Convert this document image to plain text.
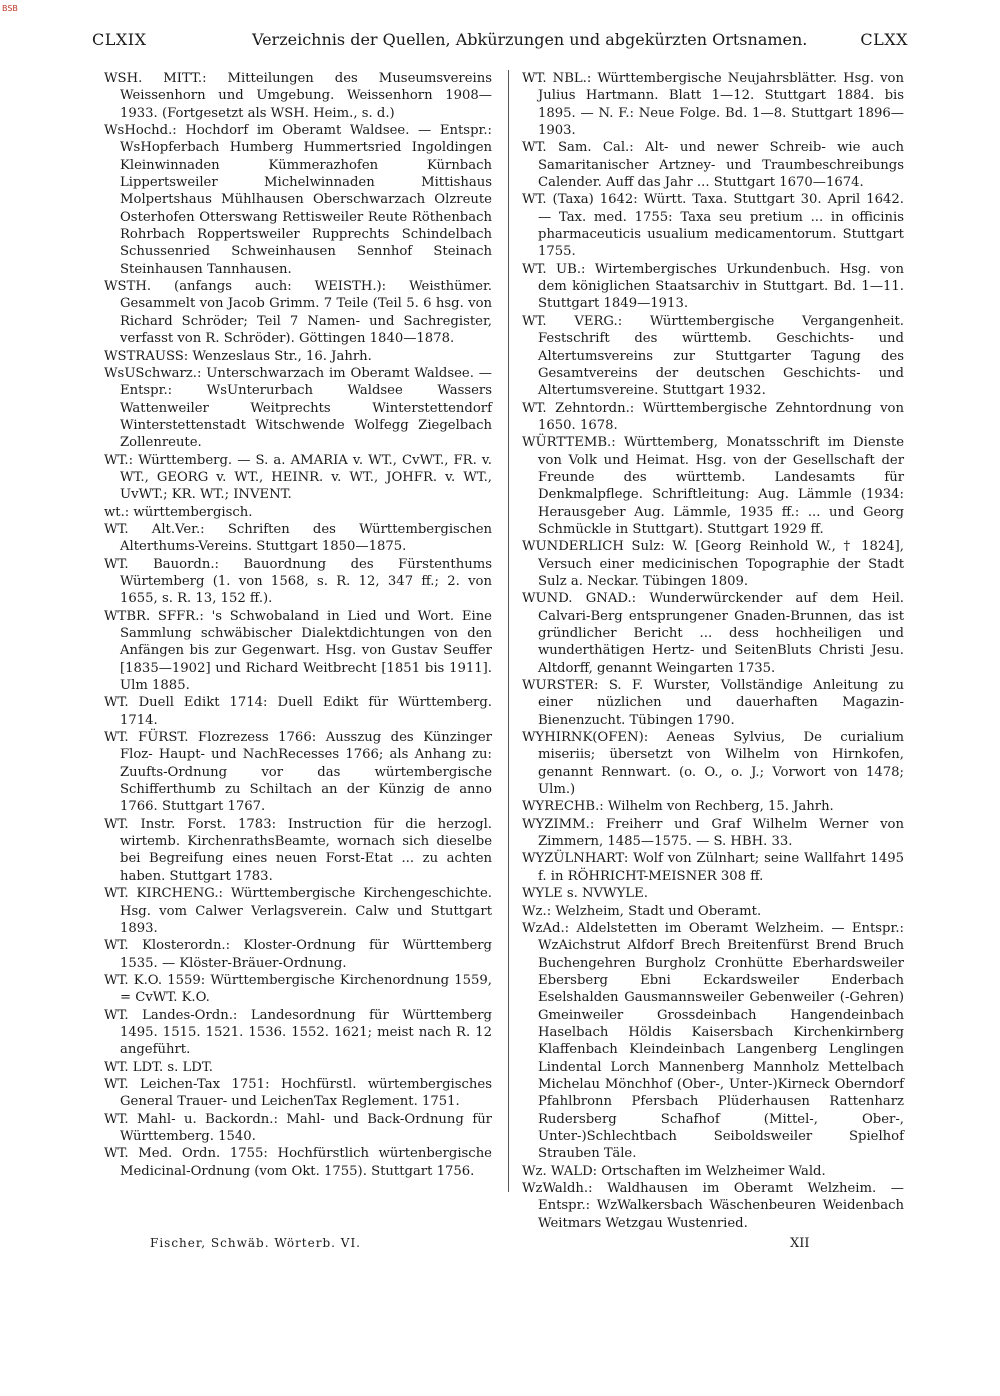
BSB
CLXIX	Verzeichnis der Quellen, Abkürzungen und abgekürzten Ortsnamen.	CLXX

WSH. MITT.: Mitteilungen des Museumsvereins Weissenhorn und Umgebung. Weissenhorn 1908—1933. (Fortgesetzt als WSH. Heim., s. d.)

WsHochd.: Hochdorf im Oberamt Waldsee. — Entspr.: WsHopferbach Humberg Hummertsried Ingoldingen Kleinwinnaden Kümmerazhofen Kürnbach Lippertsweiler Michelwinnaden Mittishaus Molpertshaus Mühlhausen Oberschwarzach Olzreute Osterhofen Otterswang Rettisweiler Reute Röthenbach Rohrbach Roppertsweiler Rupprechts Schindelbach Schussenried Schweinhausen Sennhof Steinach Steinhausen Tannhausen.

WSTH. (anfangs auch: WEISTH.): Weisthümer. Gesammelt von Jacob Grimm. 7 Teile (Teil 5. 6 hsg. von Richard Schröder; Teil 7 Namen- und Sachregister, verfasst von R. Schröder). Göttingen 1840—1878.

WSTRAUSS: Wenzeslaus Str., 16. Jahrh.

WsUSchwarz.: Unterschwarzach im Oberamt Waldsee. — Entspr.: WsUnterurbach Waldsee Wassers Wattenweiler Weitprechts Winterstettendorf Winterstettenstadt Witschwende Wolfegg Ziegelbach Zollenreute.

WT.: Württemberg. — S. a. AMARIA v. WT., CvWT., FR. v. WT., GEORG v. WT., HEINR. v. WT., JOHFR. v. WT., UvWT.; KR. WT.; INVENT.

wt.: württembergisch.

WT. Alt.Ver.: Schriften des Württembergischen Alterthums-Vereins. Stuttgart 1850—1875.

WT. Bauordn.: Bauordnung des Fürstenthums Würtemberg (1. von 1568, s. R. 12, 347 ff.; 2. von 1655, s. R. 13, 152 ff.).

WTBR. SFFR.: 's Schwobaland in Lied und Wort. Eine Sammlung schwäbischer Dialektdichtungen von den Anfängen bis zur Gegenwart. Hsg. von Gustav Seuffer [1835—1902] und Richard Weitbrecht [1851 bis 1911]. Ulm 1885.

WT. Duell Edikt 1714: Duell Edikt für Württemberg. 1714.

WT. FÜRST. Flozrezess 1766: Ausszug des Künzinger Floz- Haupt- und NachRecesses 1766; als Anhang zu: Zuufts-Ordnung vor das würtembergische Schifferthumb zu Schiltach an der Künzig de anno 1766. Stuttgart 1767.

WT. Instr. Forst. 1783: Instruction für die herzogl. wirtemb. KirchenrathsBeamte, wornach sich dieselbe bei Begreifung eines neuen Forst-Etat ... zu achten haben. Stuttgart 1783.

WT. KIRCHENG.: Württembergische Kirchengeschichte. Hsg. vom Calwer Verlagsverein. Calw und Stuttgart 1893.

WT. Klosterordn.: Kloster-Ordnung für Württemberg 1535. — Klöster-Bräuer-Ordnung.

WT. K.O. 1559: Württembergische Kirchenordnung 1559, = CvWT. K.O.

WT. Landes-Ordn.: Landesordnung für Württemberg 1495. 1515. 1521. 1536. 1552. 1621; meist nach R. 12 angeführt.

WT. LDT. s. LDT.

WT. Leichen-Tax 1751: Hochfürstl. würtembergisches General Trauer- und LeichenTax Reglement. 1751.

WT. Mahl- u. Backordn.: Mahl- und Back-Ordnung für Württemberg. 1540.

WT. Med. Ordn. 1755: Hochfürstlich würtenbergische Medicinal-Ordnung (vom Okt. 1755). Stuttgart 1756.

WT. NBL.: Württembergische Neujahrsblätter. Hsg. von Julius Hartmann. Blatt 1—12. Stuttgart 1884. bis 1895. — N. F.: Neue Folge. Bd. 1—8. Stuttgart 1896—1903.

WT. Sam. Cal.: Alt- und newer Schreib- wie auch Samaritanischer Artzney- und Traumbeschreibungs Calender. Auff das Jahr ... Stuttgart 1670—1674.

WT. (Taxa) 1642: Württ. Taxa. Stuttgart 30. April 1642. — Tax. med. 1755: Taxa seu pretium ... in officinis pharmaceuticis usualium medicamentorum. Stuttgart 1755.

WT. UB.: Wirtembergisches Urkundenbuch. Hsg. von dem königlichen Staatsarchiv in Stuttgart. Bd. 1—11. Stuttgart 1849—1913.

WT. VERG.: Württembergische Vergangenheit. Festschrift des württemb. Geschichts- und Altertumsvereins zur Stuttgarter Tagung des Gesamtvereins der deutschen Geschichts- und Altertumsvereine. Stuttgart 1932.

WT. Zehntordn.: Württembergische Zehntordnung von 1650. 1678.

WÜRTTEMB.: Württemberg, Monatsschrift im Dienste von Volk und Heimat. Hsg. von der Gesellschaft der Freunde des württemb. Landesamts für Denkmalpflege. Schriftleitung: Aug. Lämmle (1934: Herausgeber Aug. Lämmle, 1935 ff.: ... und Georg Schmückle in Stuttgart). Stuttgart 1929 ff.

WUNDERLICH Sulz: W. [Georg Reinhold W., † 1824], Versuch einer medicinischen Topographie der Stadt Sulz a. Neckar. Tübingen 1809.

WUND. GNAD.: Wunderwürckender auf dem Heil. Calvari-Berg entsprungener Gnaden-Brunnen, das ist gründlicher Bericht ... dess hochheiligen und wunderthätigen Hertz- und SeitenBluts Christi Jesu. Altdorff, genannt Weingarten 1735.

WURSTER: S. F. Wurster, Vollständige Anleitung zu einer nüzlichen und dauerhaften Magazin-Bienenzucht. Tübingen 1790.

WYHIRNK(OFEN): Aeneas Sylvius, De curialium miseriis; übersetzt von Wilhelm von Hirnkofen, genannt Rennwart. (o. O., o. J.; Vorwort von 1478; Ulm.)

WYRECHB.: Wilhelm von Rechberg, 15. Jahrh.

WYZIMM.: Freiherr und Graf Wilhelm Werner von Zimmern, 1485—1575. — S. HBH. 33.

WYZÜLNHART: Wolf von Zülnhart; seine Wallfahrt 1495 f. in RÖHRICHT-MEISNER 308 ff.

WYLE s. NVWYLE.

Wz.: Welzheim, Stadt und Oberamt.

WzAd.: Aldelstetten im Oberamt Welzheim. — Entspr.: WzAichstrut Alfdorf Brech Breitenfürst Brend Bruch Buchengehren Burgholz Cronhütte Eberhardsweiler Ebersberg Ebni Eckardsweiler Enderbach Eselshalden Gausmannsweiler Gebenweiler (-Gehren) Gmeinweiler Grossdeinbach Hangendeinbach Haselbach Höldis Kaisersbach Kirchenkirnberg Klaffenbach Kleindeinbach Langenberg Lenglingen Lindental Lorch Mannenberg Mannholz Mettelbach Michelau Mönchhof (Ober-, Unter-)Kirneck Oberndorf Pfahlbronn Pfersbach Plüderhausen Rattenharz Rudersberg Schafhof (Mittel-, Ober-, Unter-)Schlechtbach Seiboldsweiler Spielhof Strauben Täle.

Wz. WALD: Ortschaften im Welzheimer Wald.

WzWaldh.: Waldhausen im Oberamt Welzheim. — Entspr.: WzWalkersbach Wäschenbeuren Weidenbach Weitmars Wetzgau Wustenried.

Fischer, Schwäb. Wörterb. VI.	XII
